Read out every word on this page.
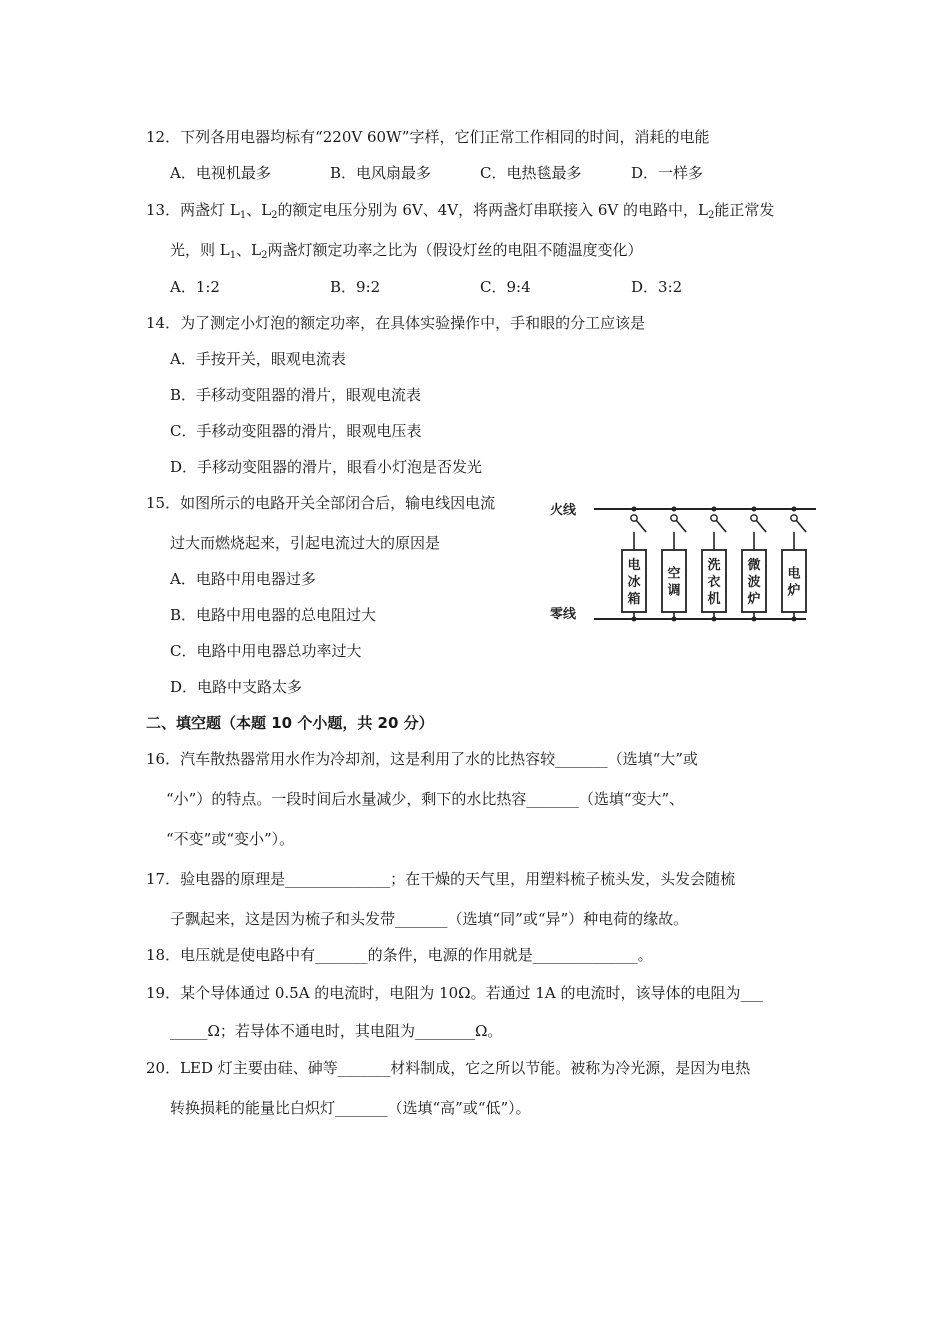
12．下列各用电器均标有“220V 60W”字样，它们正常工作相同的时间，消耗的电能
A．电视机最多	B．电风扇最多	C．电热毯最多	D．一样多
13．两盏灯 $L_1$、$L_2$的额定电压分别为 6V、4V，将两盏灯串联接入 6V 的电路中，$L_2$能正常发
光，则 $L_1$、$L_2$两盏灯额定功率之比为（假设灯丝的电阻不随温度变化）
A．1:2	B．9:2	C．9:4	D．3:2
14．为了测定小灯泡的额定功率，在具体实验操作中，手和眼的分工应该是
A．手按开关，眼观电流表
B．手移动变阻器的滑片，眼观电流表
C．手移动变阻器的滑片，眼观电压表
D．手移动变阻器的滑片，眼看小灯泡是否发光
15．如图所示的电路开关全部闭合后，输电线因电流
过大而燃烧起来，引起电流过大的原因是
A．电路中用电器过多
B．电路中用电器的总电阻过大
C．电路中用电器总功率过大
D．电路中支路太多
火线
零线
电
冰
箱
空
调
洗
衣
机
微
波
炉
电
炉
二、填空题（本题 10 个小题，共 20 分）
16．汽车散热器常用水作为冷却剂，这是利用了水的比热容较_______（选填“大”或
“小”）的特点。一段时间后水量减少，剩下的水比热容_______（选填“变大”、
“不变”或“变小”）。
17．验电器的原理是______________；在干燥的天气里，用塑料梳子梳头发，头发会随梳
子飘起来，这是因为梳子和头发带_______（选填“同”或“异”）种电荷的缘故。
18．电压就是使电路中有_______的条件，电源的作用就是______________。
19．某个导体通过 0.5A 的电流时，电阻为 10Ω。若通过 1A 的电流时，该导体的电阻为___
_____Ω；若导体不通电时，其电阻为________Ω。
20．LED 灯主要由硅、砷等_______材料制成，它之所以节能。被称为冷光源，是因为电热
转换损耗的能量比白炽灯_______（选填“高”或“低”）。
